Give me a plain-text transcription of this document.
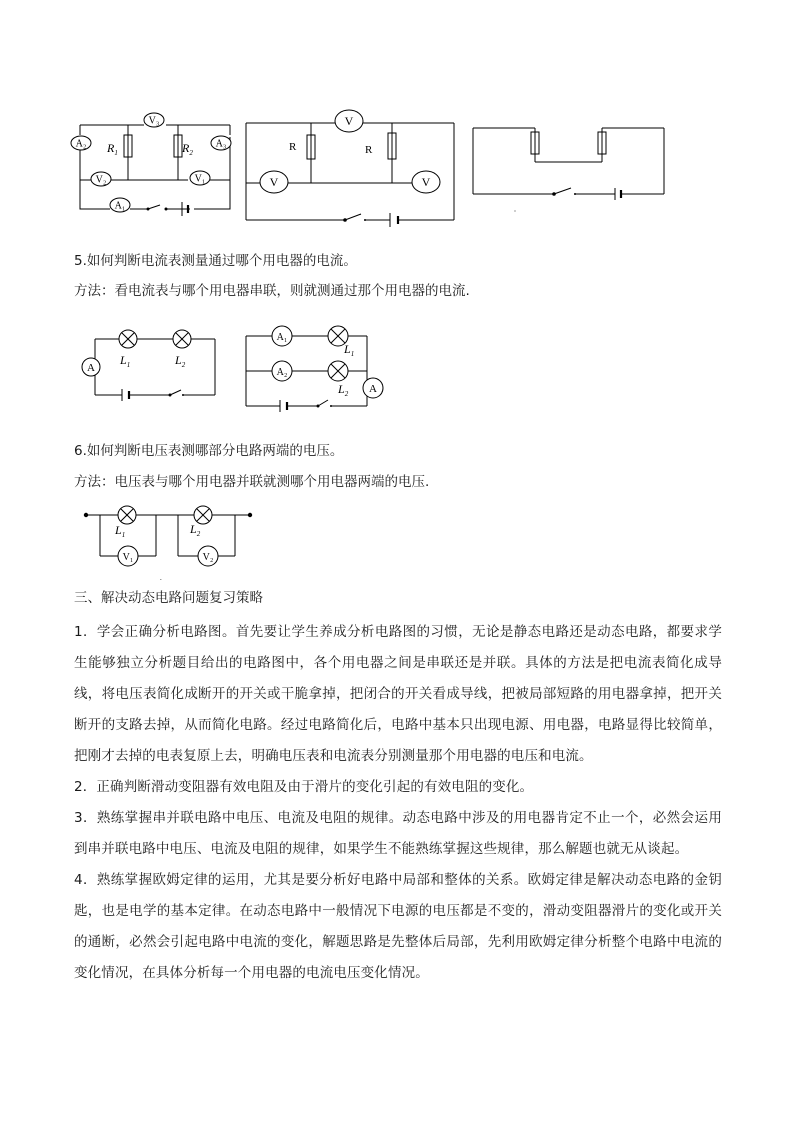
A₂	A₃
V₃
V₂	V₁
A₁
$R_1$	$R_2$
V
V	V
R	R
5.如何判断电流表测量通过哪个用电器的电流。
方法：看电流表与哪个用电器串联，则就测通过那个用电器的电流.
A
$L_1$	$L_2$
A₁
A₂
A
$L_1$
$L_2$
6.如何判断电压表测哪部分电路两端的电压。
方法：电压表与哪个用电器并联就测哪个用电器两端的电压.
V₁	V₂
$L_1$	$L_2$
.
三、解决动态电路问题复习策略
1．学会正确分析电路图。首先要让学生养成分析电路图的习惯，无论是静态电路还是动态电路，都要求学生能够独立分析题目给出的电路图中，各个用电器之间是串联还是并联。具体的方法是把电流表简化成导线，将电压表简化成断开的开关或干脆拿掉，把闭合的开关看成导线，把被局部短路的用电器拿掉，把开关断开的支路去掉，从而简化电路。经过电路简化后，电路中基本只出现电源、用电器，电路显得比较简单，把刚才去掉的电表复原上去，明确电压表和电流表分别测量那个用电器的电压和电流。
2．正确判断滑动变阻器有效电阻及由于滑片的变化引起的有效电阻的变化。
3．熟练掌握串并联电路中电压、电流及电阻的规律。动态电路中涉及的用电器肯定不止一个，必然会运用到串并联电路中电压、电流及电阻的规律，如果学生不能熟练掌握这些规律，那么解题也就无从谈起。
4．熟练掌握欧姆定律的运用，尤其是要分析好电路中局部和整体的关系。欧姆定律是解决动态电路的金钥匙，也是电学的基本定律。在动态电路中一般情况下电源的电压都是不变的，滑动变阻器滑片的变化或开关的通断，必然会引起电路中电流的变化，解题思路是先整体后局部，先利用欧姆定律分析整个电路中电流的变化情况，在具体分析每一个用电器的电流电压变化情况。
